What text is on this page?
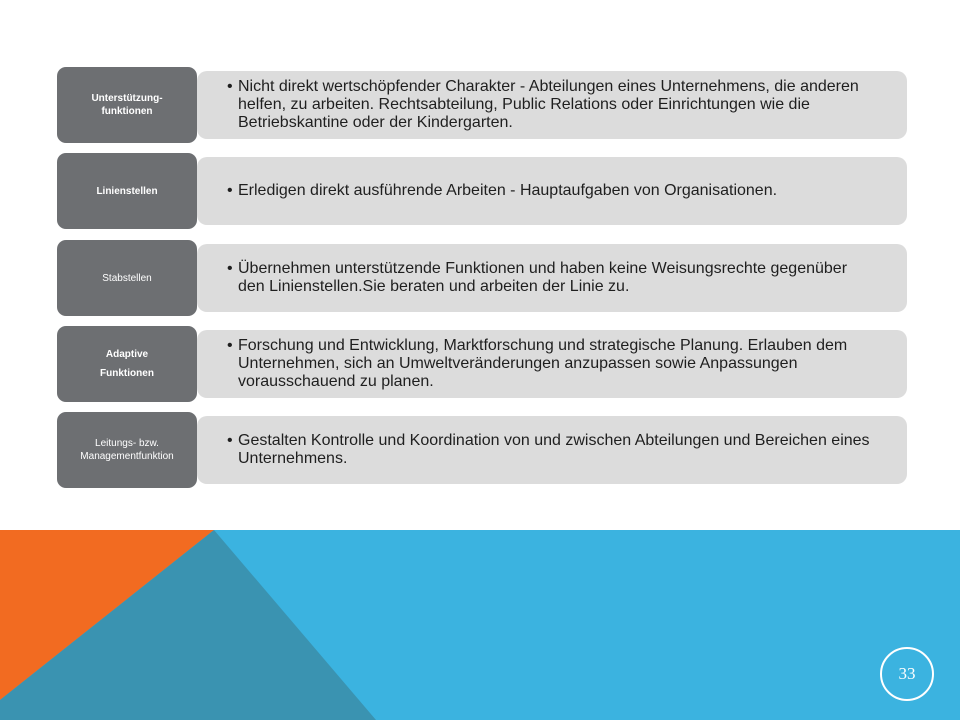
• Nicht direkt wertschöpfender Charakter - Abteilungen eines Unternehmens, die anderen helfen, zu arbeiten. Rechtsabteilung, Public Relations oder Einrichtungen wie die Betriebskantine oder der Kindergarten.
Unterstützung- funktionen
• Erledigen direkt ausführende Arbeiten - Hauptaufgaben von Organisationen.
Linienstellen
• Übernehmen unterstützende Funktionen und haben keine Weisungsrechte gegenüber den Linienstellen.Sie beraten und arbeiten der Linie zu.
Stabstellen
• Forschung und Entwicklung, Marktforschung und strategische Planung. Erlauben dem Unternehmen, sich an Umweltveränderungen anzupassen sowie Anpassungen vorausschauend zu planen.
Adaptive
Funktionen
• Gestalten Kontrolle und Koordination von und zwischen Abteilungen und Bereichen eines Unternehmens.
Leitungs- bzw. Managementfunktion
33
